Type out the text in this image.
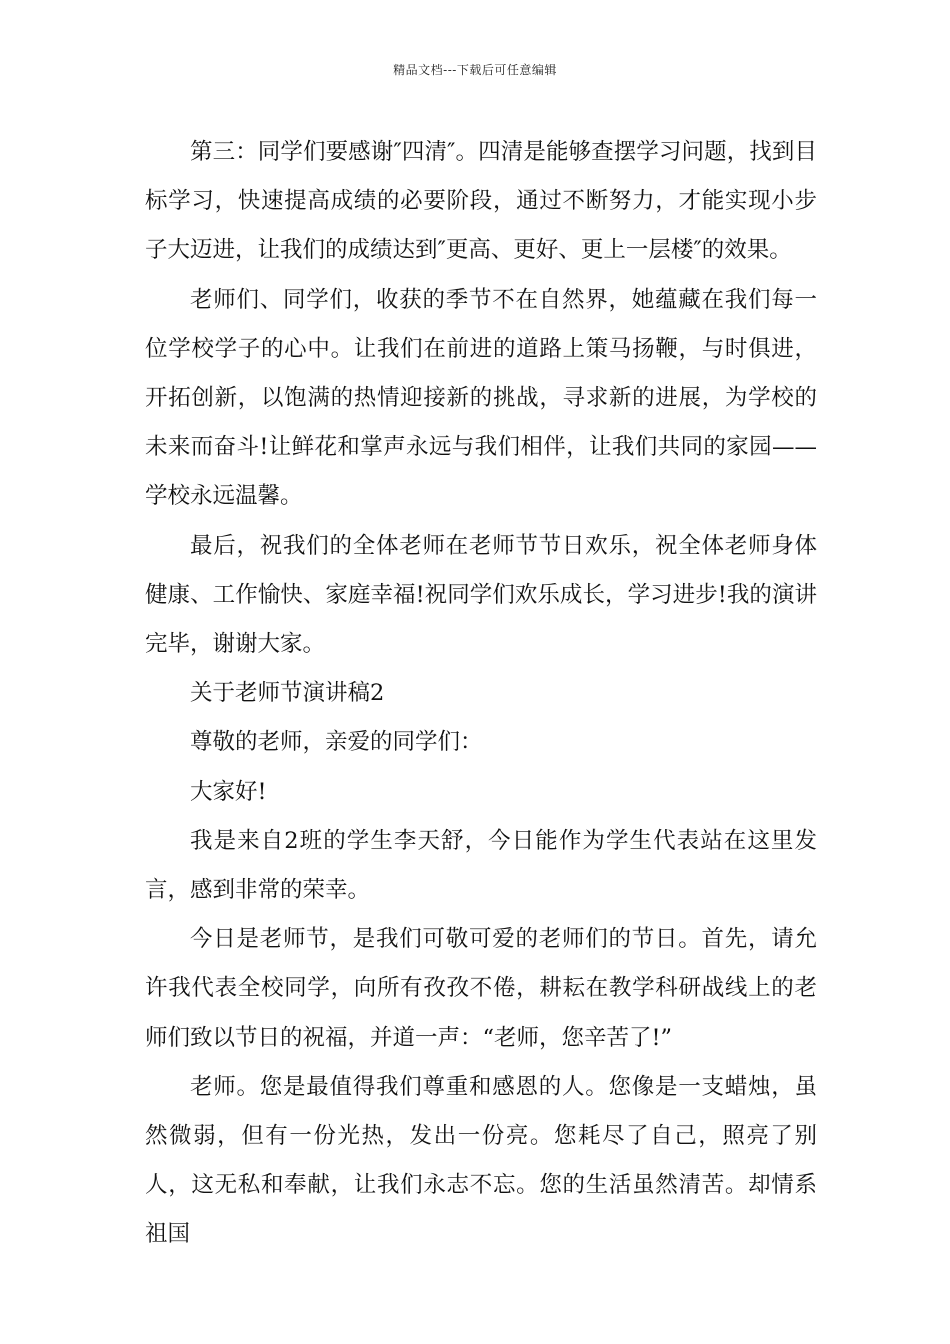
精品文档---下载后可任意编辑

第三：同学们要感谢″四清″。四清是能够查摆学习问题，找到目标学习，快速提高成绩的必要阶段，通过不断努力，才能实现小步子大迈进，让我们的成绩达到″更高、更好、更上一层楼″的效果。

老师们、同学们，收获的季节不在自然界，她蕴藏在我们每一位学校学子的心中。让我们在前进的道路上策马扬鞭，与时俱进，开拓创新，以饱满的热情迎接新的挑战，寻求新的进展，为学校的未来而奋斗!让鲜花和掌声永远与我们相伴，让我们共同的家园——学校永远温馨。

最后，祝我们的全体老师在老师节节日欢乐，祝全体老师身体健康、工作愉快、家庭幸福!祝同学们欢乐成长，学习进步!我的演讲完毕，谢谢大家。

关于老师节演讲稿2

尊敬的老师，亲爱的同学们：

大家好!

我是来自2班的学生李天舒，今日能作为学生代表站在这里发言，感到非常的荣幸。

今日是老师节，是我们可敬可爱的老师们的节日。首先，请允许我代表全校同学，向所有孜孜不倦，耕耘在教学科研战线上的老师们致以节日的祝福，并道一声：“老师，您辛苦了!”

老师。您是最值得我们尊重和感恩的人。您像是一支蜡烛，虽然微弱，但有一份光热，发出一份亮。您耗尽了自己，照亮了别人，这无私和奉献，让我们永志不忘。您的生活虽然清苦。却情系祖国
